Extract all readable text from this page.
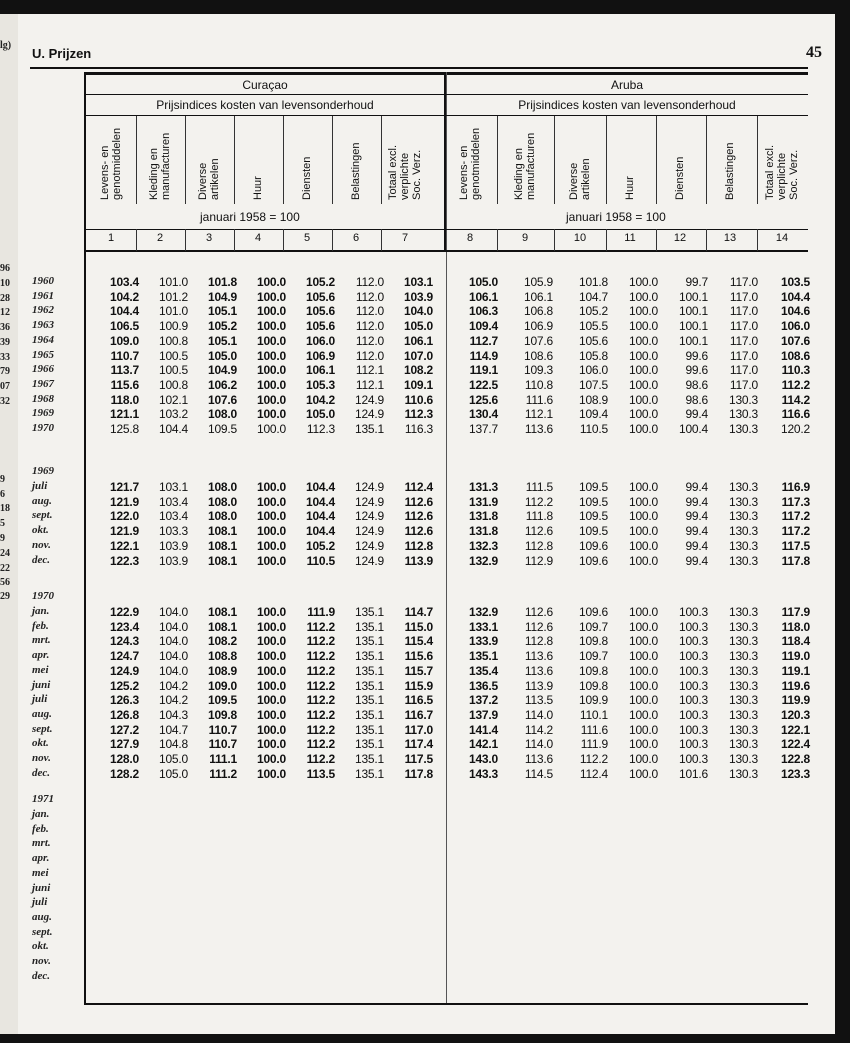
lg)
96
10
28
12
36
39
33
79
07
32
9
6
18
5
9
24
22
56
29
U. Prijzen	45
Curaçao	Aruba
Prijsindices kosten van levensonderhoud	Prijsindices kosten van levensonderhoud
januari 1958 = 100	januari 1958 = 100
Levens- en
genotmiddelen
1
Kleding en
manufacturen
2
Diverse
artikelen
3
Huur
4
Diensten
5
Belastingen
6
Totaal excl.
verplichte
Soc. Verz.
7
Levens- en
genotmiddelen
8
Kleding en
manufacturen
9
Diverse
artikelen
10
Huur
11
Diensten
12
Belastingen
13
Totaal excl.
verplichte
Soc. Verz.
14
1960	103.4	101.0	101.8	100.0	105.2	112.0	103.1	105.0	105.9	101.8	100.0	99.7	117.0	103.5
1961	104.2	101.2	104.9	100.0	105.6	112.0	103.9	106.1	106.1	104.7	100.0	100.1	117.0	104.4
1962	104.4	101.0	105.1	100.0	105.6	112.0	104.0	106.3	106.8	105.2	100.0	100.1	117.0	104.6
1963	106.5	100.9	105.2	100.0	105.6	112.0	105.0	109.4	106.9	105.5	100.0	100.1	117.0	106.0
1964	109.0	100.8	105.1	100.0	106.0	112.0	106.1	112.7	107.6	105.6	100.0	100.1	117.0	107.6
1965	110.7	100.5	105.0	100.0	106.9	112.0	107.0	114.9	108.6	105.8	100.0	99.6	117.0	108.6
1966	113.7	100.5	104.9	100.0	106.1	112.1	108.2	119.1	109.3	106.0	100.0	99.6	117.0	110.3
1967	115.6	100.8	106.2	100.0	105.3	112.1	109.1	122.5	110.8	107.5	100.0	98.6	117.0	112.2
1968	118.0	102.1	107.6	100.0	104.2	124.9	110.6	125.6	111.6	108.9	100.0	98.6	130.3	114.2
1969	121.1	103.2	108.0	100.0	105.0	124.9	112.3	130.4	112.1	109.4	100.0	99.4	130.3	116.6
1970	125.8	104.4	109.5	100.0	112.3	135.1	116.3	137.7	113.6	110.5	100.0	100.4	130.3	120.2
1969
juli	121.7	103.1	108.0	100.0	104.4	124.9	112.4	131.3	111.5	109.5	100.0	99.4	130.3	116.9
aug.	121.9	103.4	108.0	100.0	104.4	124.9	112.6	131.9	112.2	109.5	100.0	99.4	130.3	117.3
sept.	122.0	103.4	108.0	100.0	104.4	124.9	112.6	131.8	111.8	109.5	100.0	99.4	130.3	117.2
okt.	121.9	103.3	108.1	100.0	104.4	124.9	112.6	131.8	112.6	109.5	100.0	99.4	130.3	117.2
nov.	122.1	103.9	108.1	100.0	105.2	124.9	112.8	132.3	112.8	109.6	100.0	99.4	130.3	117.5
dec.	122.3	103.9	108.1	100.0	110.5	124.9	113.9	132.9	112.9	109.6	100.0	99.4	130.3	117.8
1970
jan.	122.9	104.0	108.1	100.0	111.9	135.1	114.7	132.9	112.6	109.6	100.0	100.3	130.3	117.9
feb.	123.4	104.0	108.1	100.0	112.2	135.1	115.0	133.1	112.6	109.7	100.0	100.3	130.3	118.0
mrt.	124.3	104.0	108.2	100.0	112.2	135.1	115.4	133.9	112.8	109.8	100.0	100.3	130.3	118.4
apr.	124.7	104.0	108.8	100.0	112.2	135.1	115.6	135.1	113.6	109.7	100.0	100.3	130.3	119.0
mei	124.9	104.0	108.9	100.0	112.2	135.1	115.7	135.4	113.6	109.8	100.0	100.3	130.3	119.1
juni	125.2	104.2	109.0	100.0	112.2	135.1	115.9	136.5	113.9	109.8	100.0	100.3	130.3	119.6
juli	126.3	104.2	109.5	100.0	112.2	135.1	116.5	137.2	113.5	109.9	100.0	100.3	130.3	119.9
aug.	126.8	104.3	109.8	100.0	112.2	135.1	116.7	137.9	114.0	110.1	100.0	100.3	130.3	120.3
sept.	127.2	104.7	110.7	100.0	112.2	135.1	117.0	141.4	114.2	111.6	100.0	100.3	130.3	122.1
okt.	127.9	104.8	110.7	100.0	112.2	135.1	117.4	142.1	114.0	111.9	100.0	100.3	130.3	122.4
nov.	128.0	105.0	111.1	100.0	112.2	135.1	117.5	143.0	113.6	112.2	100.0	100.3	130.3	122.8
dec.	128.2	105.0	111.2	100.0	113.5	135.1	117.8	143.3	114.5	112.4	100.0	101.6	130.3	123.3
1971
jan.
feb.
mrt.
apr.
mei
juni
juli
aug.
sept.
okt.
nov.
dec.
